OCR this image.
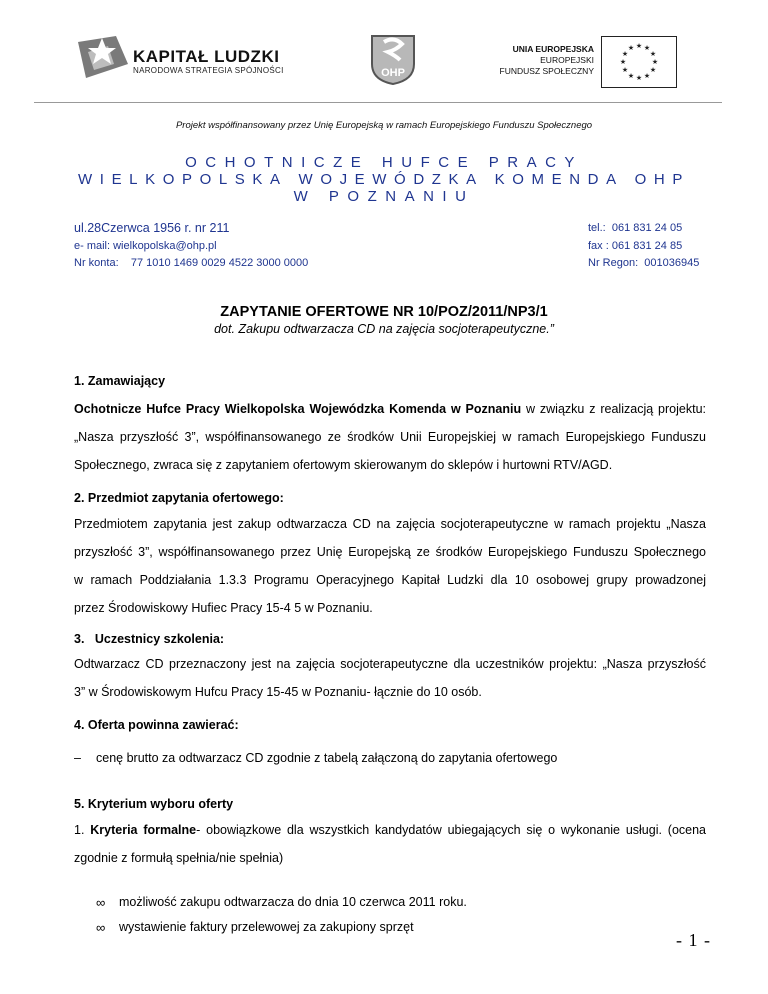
KAPITAŁ LUDZKI
NARODOWA STRATEGIA SPÓJNOŚCI	OHP
UNIA EUROPEJSKA
EUROPEJSKI
FUNDUSZ SPOŁECZNY
★ ★
★
★
★
★
★
★
★
★
★
★
Projekt współfinansowany przez Unię Europejską w ramach Europejskiego Funduszu Społecznego
OCHOTNICZE HUFCE PRACY
WIELKOPOLSKA WOJEWÓDZKA KOMENDA OHP
W POZNANIU
ul.28Czerwca 1956 r. nr 211
e- mail: wielkopolska@ohp.pl
Nr konta:    77 1010 1469 0029 4522 3000 0000
tel.:  061 831 24 05
fax : 061 831 24 85
Nr Regon:  001036945
ZAPYTANIE OFERTOWE NR 10/POZ/2011/NP3/1
dot. Zakupu odtwarzacza CD na zajęcia socjoterapeutyczne.”
1. Zamawiający
Ochotnicze Hufce Pracy Wielkopolska Wojewódzka Komenda w Poznaniu w związku z realizacją projektu:
„Nasza przyszłość 3”, współfinansowanego ze środków Unii Europejskiej w ramach Europejskiego Funduszu
Społecznego, zwraca się z zapytaniem ofertowym skierowanym do sklepów i hurtowni RTV/AGD.
2. Przedmiot zapytania ofertowego:
Przedmiotem zapytania jest zakup odtwarzacza CD na zajęcia socjoterapeutyczne w ramach projektu „Nasza
przyszłość 3”, współfinansowanego przez Unię Europejską ze środków Europejskiego Funduszu Społecznego
w ramach Poddziałania 1.3.3 Programu Operacyjnego Kapitał Ludzki dla 10 osobowej grupy prowadzonej
przez Środowiskowy Hufiec Pracy 15-4 5 w Poznaniu.
3.   Uczestnicy szkolenia:
Odtwarzacz CD przeznaczony jest na zajęcia socjoterapeutyczne dla uczestników projektu: „Nasza przyszłość
3” w Środowiskowym Hufcu Pracy 15-45 w Poznaniu- łącznie do 10 osób.
4. Oferta powinna zawierać:
– cenę brutto za odtwarzacz CD zgodnie z tabelą załączoną do zapytania ofertowego
5. Kryterium wyboru oferty
1. Kryteria formalne- obowiązkowe dla wszystkich kandydatów ubiegających się o wykonanie usługi. (ocena
zgodnie z formułą spełnia/nie spełnia)
∞ możliwość zakupu odtwarzacza do dnia 10 czerwca 2011 roku.
∞ wystawienie faktury przelewowej za zakupiony sprzęt
- 1 -
